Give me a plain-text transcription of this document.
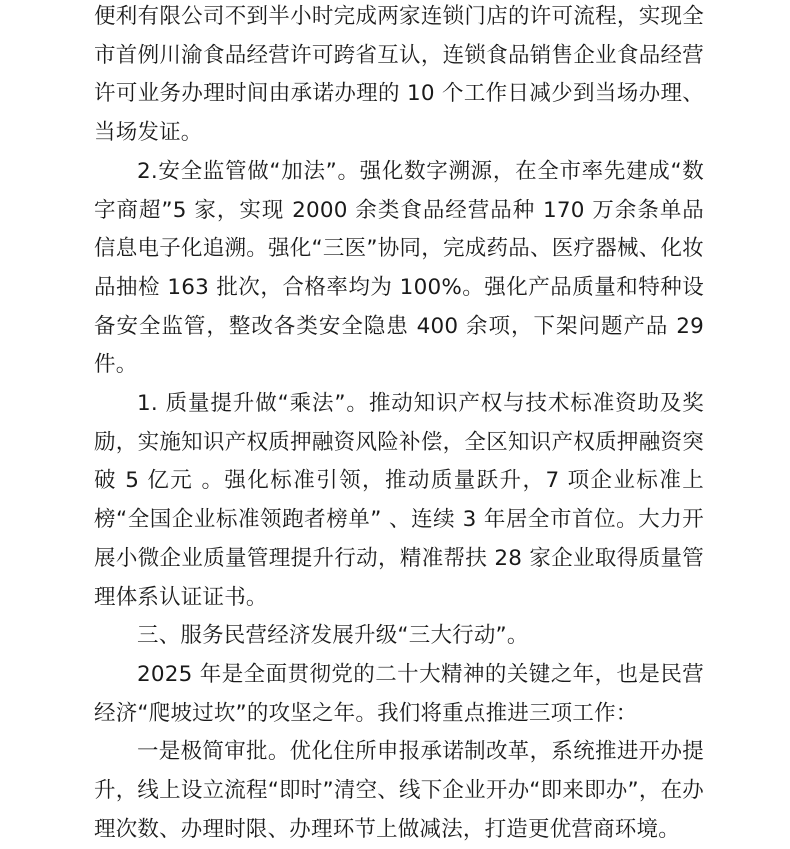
便利有限公司不到半小时完成两家连锁门店的许可流程，实现全市首例川渝食品经营许可跨省互认，连锁食品销售企业食品经营许可业务办理时间由承诺办理的 10 个工作日减少到当场办理、当场发证。

2.安全监管做“加法”。强化数字溯源，在全市率先建成“数字商超”5 家，实现 2000 余类食品经营品种 170 万余条单品信息电子化追溯。强化“三医”协同，完成药品、医疗器械、化妆品抽检 163 批次，合格率均为 100%。强化产品质量和特种设备安全监管，整改各类安全隐患 400 余项，下架问题产品 29 件。

1. 质量提升做“乘法”。推动知识产权与技术标准资助及奖励，实施知识产权质押融资风险补偿，全区知识产权质押融资突破 5 亿元 。强化标准引领，推动质量跃升，7 项企业标准上榜“全国企业标准领跑者榜单” 、连续 3 年居全市首位。大力开展小微企业质量管理提升行动，精准帮扶 28 家企业取得质量管理体系认证证书。

三、服务民营经济发展升级“三大行动”。

2025 年是全面贯彻党的二十大精神的关键之年，也是民营经济“爬坡过坎”的攻坚之年。我们将重点推进三项工作：

一是极简审批。优化住所申报承诺制改革，系统推进开办提升，线上设立流程“即时”清空、线下企业开办“即来即办”，在办理次数、办理时限、办理环节上做减法，打造更优营商环境。
